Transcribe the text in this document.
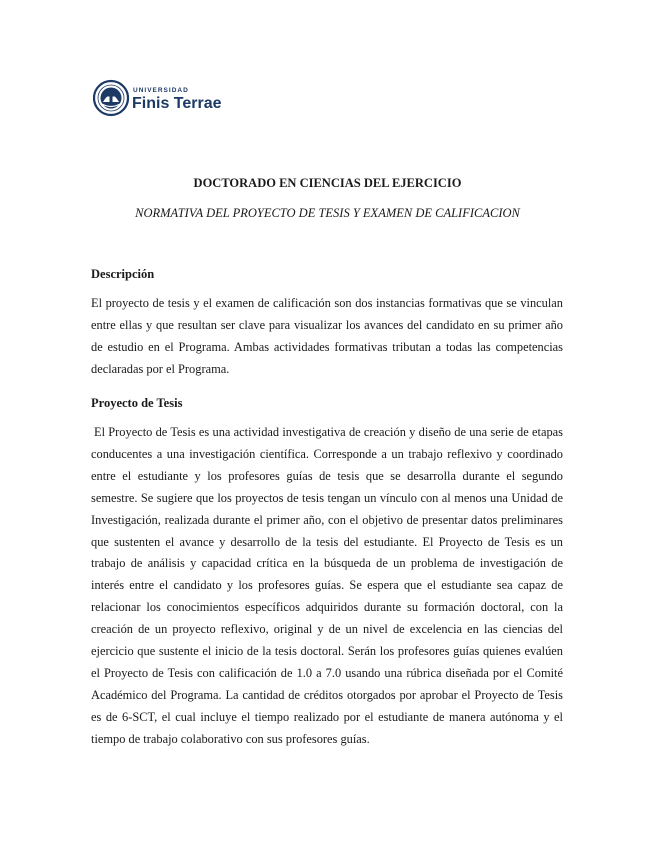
UNIVERSIDAD
Finis Terrae
DOCTORADO EN CIENCIAS DEL EJERCICIO
NORMATIVA DEL PROYECTO DE TESIS Y EXAMEN DE CALIFICACION
Descripción

El proyecto de tesis y el examen de calificación son dos instancias formativas que se vinculan entre ellas y que resultan ser clave para visualizar los avances del candidato en su primer año de estudio en el Programa. Ambas actividades formativas tributan a todas las competencias declaradas por el Programa.

Proyecto de Tesis

El Proyecto de Tesis es una actividad investigativa de creación y diseño de una serie de etapas conducentes a una investigación científica. Corresponde a un trabajo reflexivo y coordinado entre el estudiante y los profesores guías de tesis que se desarrolla durante el segundo semestre. Se sugiere que los proyectos de tesis tengan un vínculo con al menos una Unidad de Investigación, realizada durante el primer año, con el objetivo de presentar datos preliminares que sustenten el avance y desarrollo de la tesis del estudiante. El Proyecto de Tesis es un trabajo de análisis y capacidad crítica en la búsqueda de un problema de investigación de interés entre el candidato y los profesores guías. Se espera que el estudiante sea capaz de relacionar los conocimientos específicos adquiridos durante su formación doctoral, con la creación de un proyecto reflexivo, original y de un nivel de excelencia en las ciencias del ejercicio que sustente el inicio de la tesis doctoral. Serán los profesores guías quienes evalúen el Proyecto de Tesis con calificación de 1.0 a 7.0 usando una rúbrica diseñada por el Comité Académico del Programa. La cantidad de créditos otorgados por aprobar el Proyecto de Tesis es de 6-SCT, el cual incluye el tiempo realizado por el estudiante de manera autónoma y el tiempo de trabajo colaborativo con sus profesores guías.
